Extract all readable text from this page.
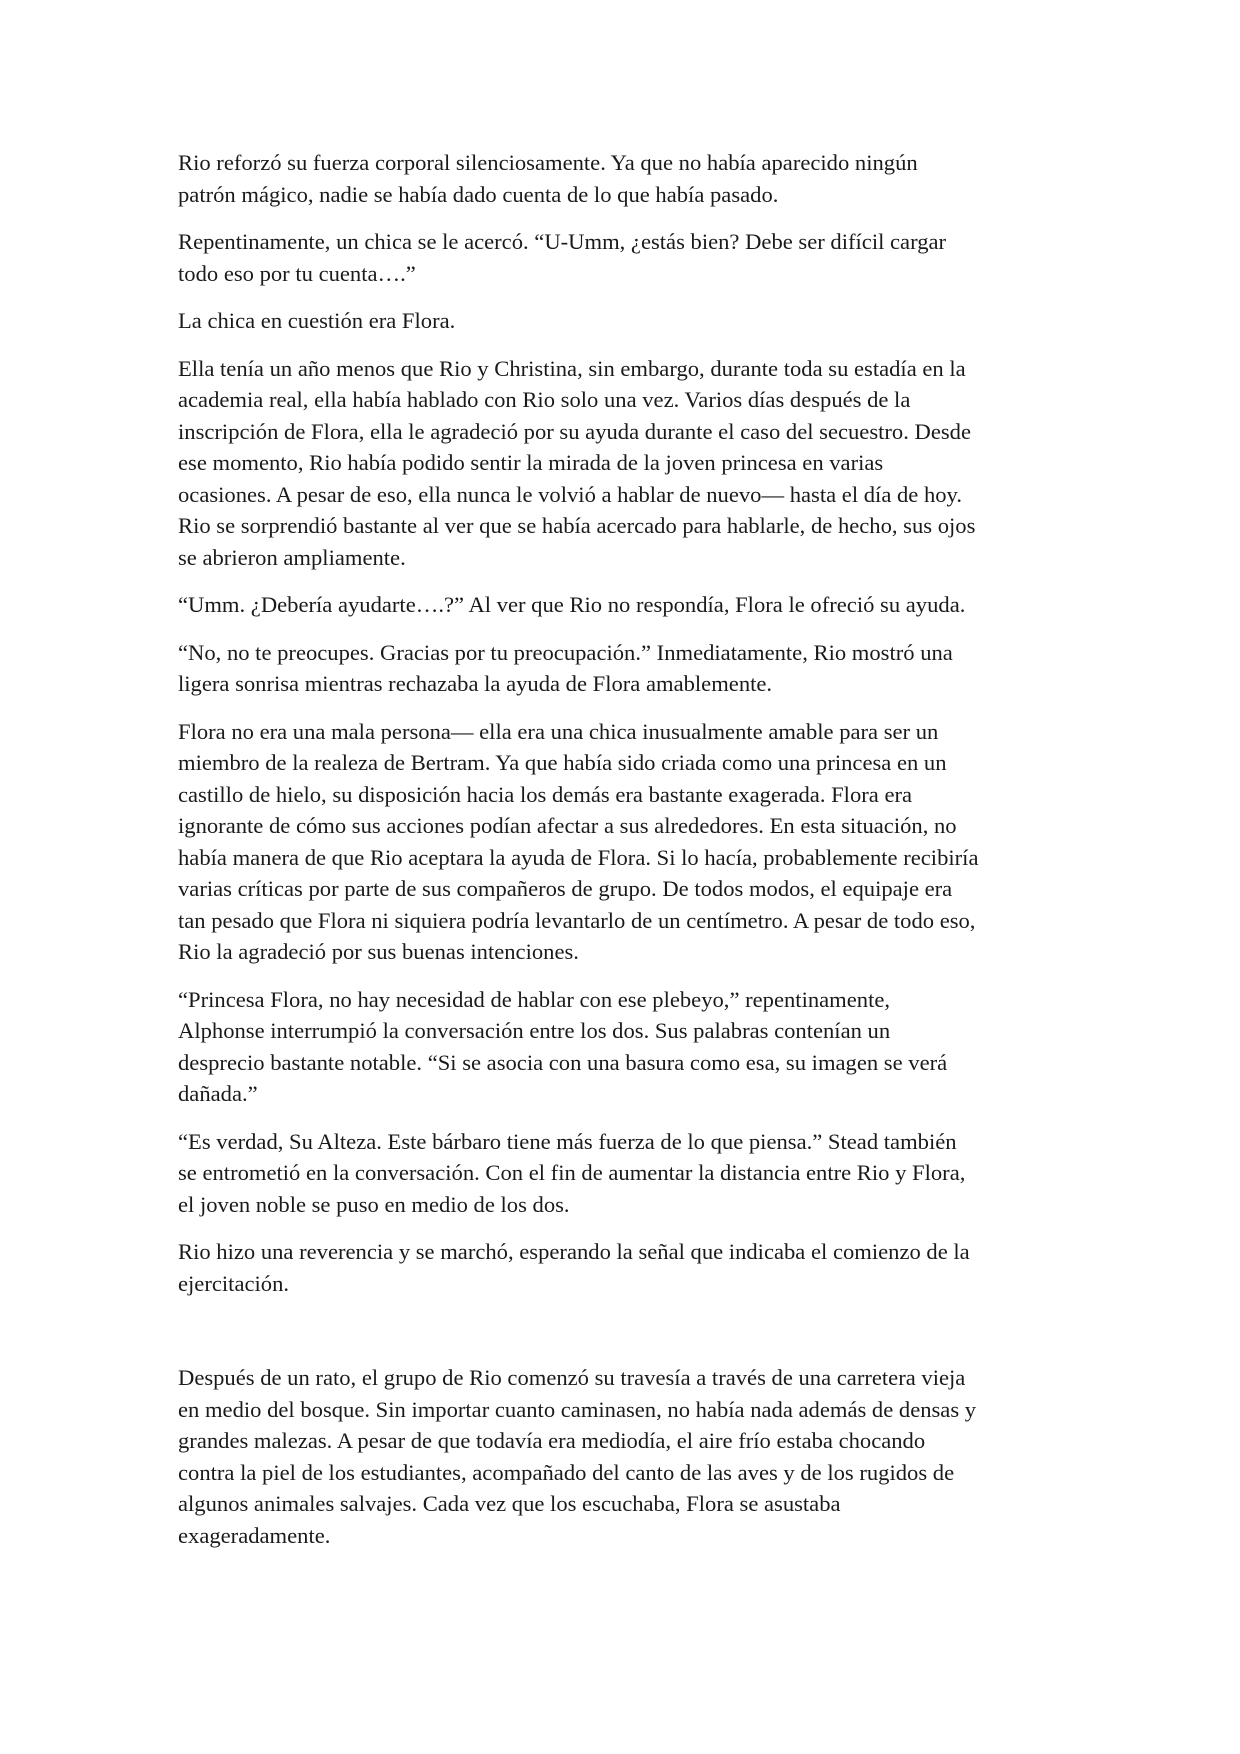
Rio reforzó su fuerza corporal silenciosamente. Ya que no había aparecido ningún
patrón mágico, nadie se había dado cuenta de lo que había pasado.

Repentinamente, un chica se le acercó. “U-Umm, ¿estás bien? Debe ser difícil cargar
todo eso por tu cuenta….”

La chica en cuestión era Flora.

Ella tenía un año menos que Rio y Christina, sin embargo, durante toda su estadía en la
academia real, ella había hablado con Rio solo una vez. Varios días después de la
inscripción de Flora, ella le agradeció por su ayuda durante el caso del secuestro. Desde
ese momento, Rio había podido sentir la mirada de la joven princesa en varias
ocasiones. A pesar de eso, ella nunca le volvió a hablar de nuevo— hasta el día de hoy.
Rio se sorprendió bastante al ver que se había acercado para hablarle, de hecho, sus ojos
se abrieron ampliamente.

“Umm. ¿Debería ayudarte….?” Al ver que Rio no respondía, Flora le ofreció su ayuda.

“No, no te preocupes. Gracias por tu preocupación.” Inmediatamente, Rio mostró una
ligera sonrisa mientras rechazaba la ayuda de Flora amablemente.

Flora no era una mala persona— ella era una chica inusualmente amable para ser un
miembro de la realeza de Bertram. Ya que había sido criada como una princesa en un
castillo de hielo, su disposición hacia los demás era bastante exagerada. Flora era
ignorante de cómo sus acciones podían afectar a sus alrededores. En esta situación, no
había manera de que Rio aceptara la ayuda de Flora. Si lo hacía, probablemente recibiría
varias críticas por parte de sus compañeros de grupo. De todos modos, el equipaje era
tan pesado que Flora ni siquiera podría levantarlo de un centímetro. A pesar de todo eso,
Rio la agradeció por sus buenas intenciones.

“Princesa Flora, no hay necesidad de hablar con ese plebeyo,” repentinamente,
Alphonse interrumpió la conversación entre los dos. Sus palabras contenían un
desprecio bastante notable. “Si se asocia con una basura como esa, su imagen se verá
dañada.”

“Es verdad, Su Alteza. Este bárbaro tiene más fuerza de lo que piensa.” Stead también
se entrometió en la conversación. Con el fin de aumentar la distancia entre Rio y Flora,
el joven noble se puso en medio de los dos.

Rio hizo una reverencia y se marchó, esperando la señal que indicaba el comienzo de la
ejercitación.

Después de un rato, el grupo de Rio comenzó su travesía a través de una carretera vieja
en medio del bosque. Sin importar cuanto caminasen, no había nada además de densas y
grandes malezas. A pesar de que todavía era mediodía, el aire frío estaba chocando
contra la piel de los estudiantes, acompañado del canto de las aves y de los rugidos de
algunos animales salvajes. Cada vez que los escuchaba, Flora se asustaba
exageradamente.
